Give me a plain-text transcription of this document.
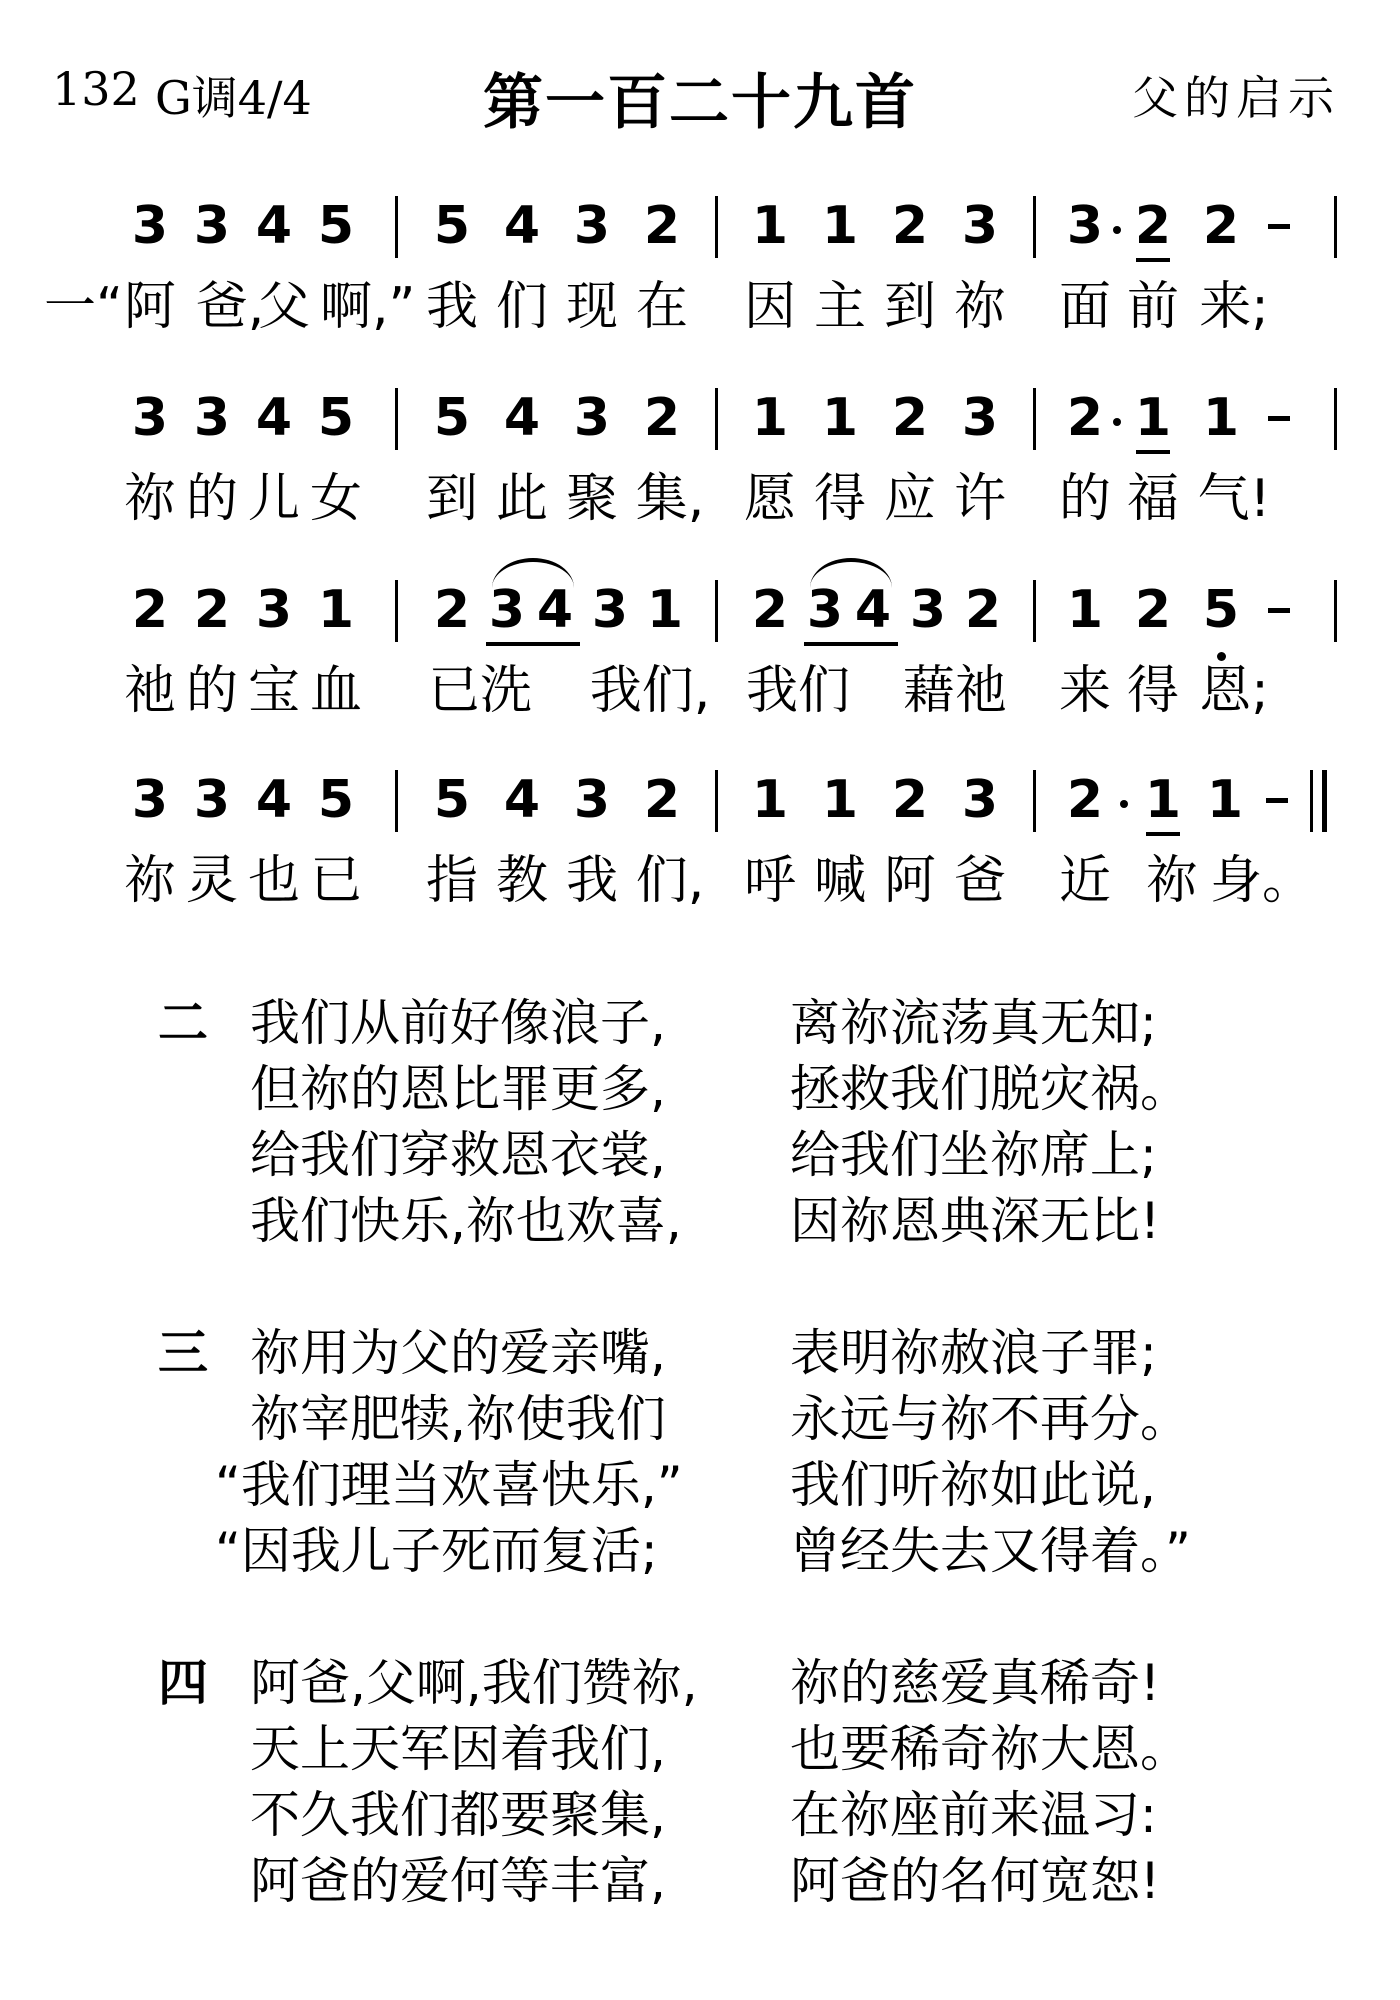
132 G调4/4	第一百二十九首	父的启示
3 3 4 5 5 4 3 2 1 1 2 3 3 2 2
一“ 阿 爸,
父 啊,” 我 们 现 在 因 主 到 祢 面 前 来;
3 3 4 5 5 4 3 2 1 1 2 3 2 1 1
祢 的 儿 女 到 此 聚 集, 愿 得 应 许 的 福 气!
2 2 3 1 2 3 4 3 1 2 3 4 3 2 1 2 5
祂 的 宝 血 已洗 我们, 我们 藉祂 来 得 恩;
3 3 4 5 5 4 3 2 1 1 2 3 2 1 1
祢 灵 也 已 指 教 我 们, 呼 喊 阿 爸 近 祢 身。
二 我们从前好像浪子, 离祢流荡真无知;
但祢的恩比罪更多, 拯救我们脱灾祸。
给我们穿救恩衣裳, 给我们坐祢席上;
我们快乐,祢也欢喜, 因祢恩典深无比!
三 祢用为父的爱亲嘴, 表明祢赦浪子罪;
祢宰肥犊,祢使我们 永远与祢不再分。
“我们理当欢喜快乐,” 我们听祢如此说,
“因我儿子死而复活;	曾经失去又得着。”
四 阿爸,父啊,我们赞祢, 祢的慈爱真稀奇!
天上天军因着我们, 也要稀奇祢大恩。
不久我们都要聚集, 在祢座前来温习:
阿爸的爱何等丰富, 阿爸的名何宽恕!
